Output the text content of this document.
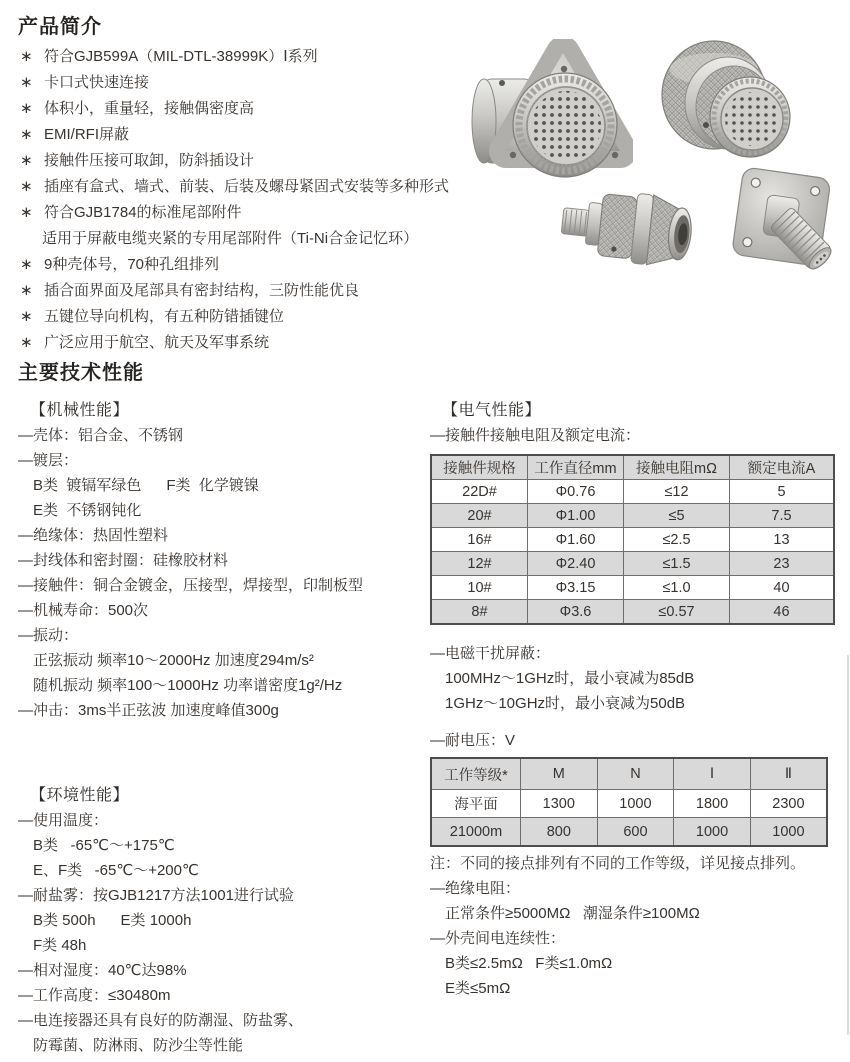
产品简介
∗ 符合GJB599A（MIL-DTL-38999K）Ⅰ系列
∗ 卡口式快速连接
∗ 体积小，重量轻，接触偶密度高
∗ EMI/RFI屏蔽
∗ 接触件压接可取卸，防斜插设计
∗ 插座有盒式、墙式、前装、后装及螺母紧固式安装等多种形式
∗ 符合GJB1784的标准尾部附件
适用于屏蔽电缆夹紧的专用尾部附件（Ti-Ni合金记忆环）
∗ 9种壳体号，70种孔组排列
∗ 插合面界面及尾部具有密封结构，三防性能优良
∗ 五键位导向机构，有五种防错插键位
∗ 广泛应用于航空、航天及军事系统
主要技术性能
【机械性能】
—壳体：铝合金、不锈钢
—镀层：
B类  镀镉军绿色      F类  化学镀镍
E类  不锈钢钝化
—绝缘体：热固性塑料
—封线体和密封圈：硅橡胶材料
—接触件：铜合金镀金，压接型，焊接型，印制板型
—机械寿命：500次
—振动：
正弦振动 频率10～2000Hz 加速度294m/s²
随机振动 频率100～1000Hz 功率谱密度1g²/Hz
—冲击：3ms半正弦波 加速度峰值300g
【环境性能】
—使用温度：
B类   -65℃～+175℃
E、F类   -65℃～+200℃
—耐盐雾：按GJB1217方法1001进行试验
B类 500h      E类 1000h
F类 48h
—相对湿度：40℃达98%
—工作高度：≤30480m
—电连接器还具有良好的防潮湿、防盐雾、
防霉菌、防淋雨、防沙尘等性能
【电气性能】
—接触件接触电阻及额定电流：
接触件规格	工作直径mm	接触电阻mΩ	额定电流A
22D#	Φ0.76	≤12	5
20#	Φ1.00	≤5	7.5
16#	Φ1.60	≤2.5	13
12#	Φ2.40	≤1.5	23
10#	Φ3.15	≤1.0	40
8#	Φ3.6	≤0.57	46
—电磁干扰屏蔽：
100MHz～1GHz时，最小衰减为85dB
1GHz～10GHz时，最小衰减为50dB
—耐电压：V
工作等级*	M	N	Ⅰ	Ⅱ
海平面	1300	1000	1800	2300
21000m	800	600	1000	1000
注：不同的接点排列有不同的工作等级，详见接点排列。
—绝缘电阻：
正常条件≥5000MΩ   潮湿条件≥100MΩ
—外壳间电连续性：
B类≤2.5mΩ   F类≤1.0mΩ
E类≤5mΩ
